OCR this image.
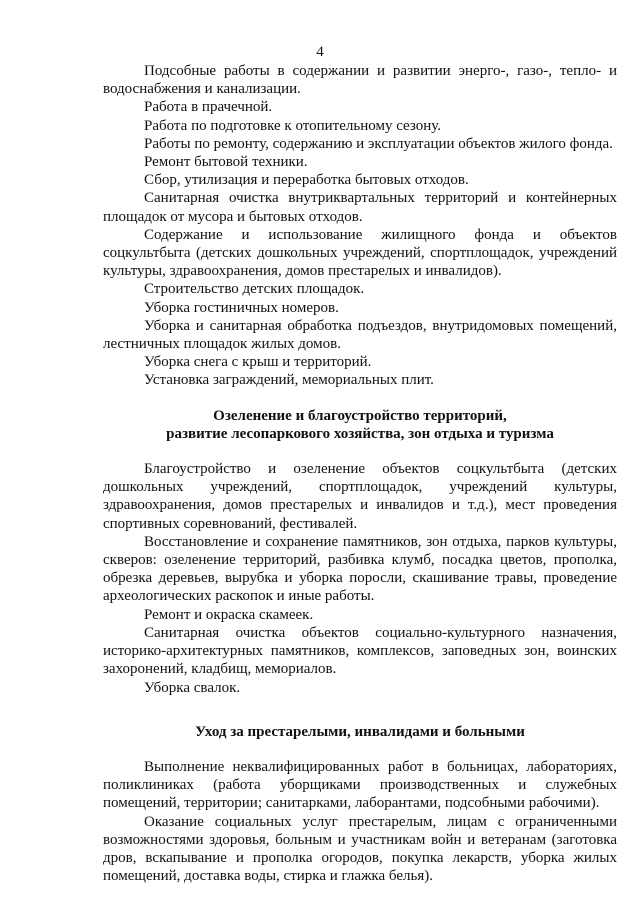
4

Подсобные работы в содержании и развитии энерго-, газо-, тепло- и водоснабжения и канализации.

Работа в прачечной.

Работа по подготовке к отопительному сезону.

Работы по ремонту, содержанию и эксплуатации объектов жилого фонда.

Ремонт бытовой техники.

Сбор, утилизация и переработка бытовых отходов.

Санитарная очистка внутриквартальных территорий и контейнерных площадок от мусора и бытовых отходов.

Содержание и использование жилищного фонда и объектов соцкультбыта (детских дошкольных учреждений, спортплощадок, учреждений культуры, здравоохранения, домов престарелых и инвалидов).

Строительство детских площадок.

Уборка гостиничных номеров.

Уборка и санитарная обработка подъездов, внутридомовых помещений, лестничных площадок жилых домов.

Уборка снега с крыш и территорий.

Установка заграждений, мемориальных плит.

Озеленение и благоустройство территорий,
развитие лесопаркового хозяйства, зон отдыха и туризма

Благоустройство и озеленение объектов соцкультбыта (детских дошкольных учреждений, спортплощадок, учреждений культуры, здравоохранения, домов престарелых и инвалидов и т.д.), мест проведения спортивных соревнований, фестивалей.

Восстановление и сохранение памятников, зон отдыха, парков культуры, скверов: озеленение территорий, разбивка клумб, посадка цветов, прополка, обрезка деревьев, вырубка и уборка поросли, скашивание травы, проведение археологических раскопок и иные работы.

Ремонт и окраска скамеек.

Санитарная очистка объектов социально-культурного назначения, историко-архитектурных памятников, комплексов, заповедных зон, воинских захоронений, кладбищ, мемориалов.

Уборка свалок.

Уход за престарелыми, инвалидами и больными

Выполнение неквалифицированных работ в больницах, лабораториях, поликлиниках (работа уборщиками производственных и служебных помещений, территории; санитарками, лаборантами, подсобными рабочими).

Оказание социальных услуг престарелым, лицам с ограниченными возможностями здоровья, больным и участникам войн и ветеранам (заготовка дров, вскапывание и прополка огородов, покупка лекарств, уборка жилых помещений, доставка воды, стирка и глажка белья).
